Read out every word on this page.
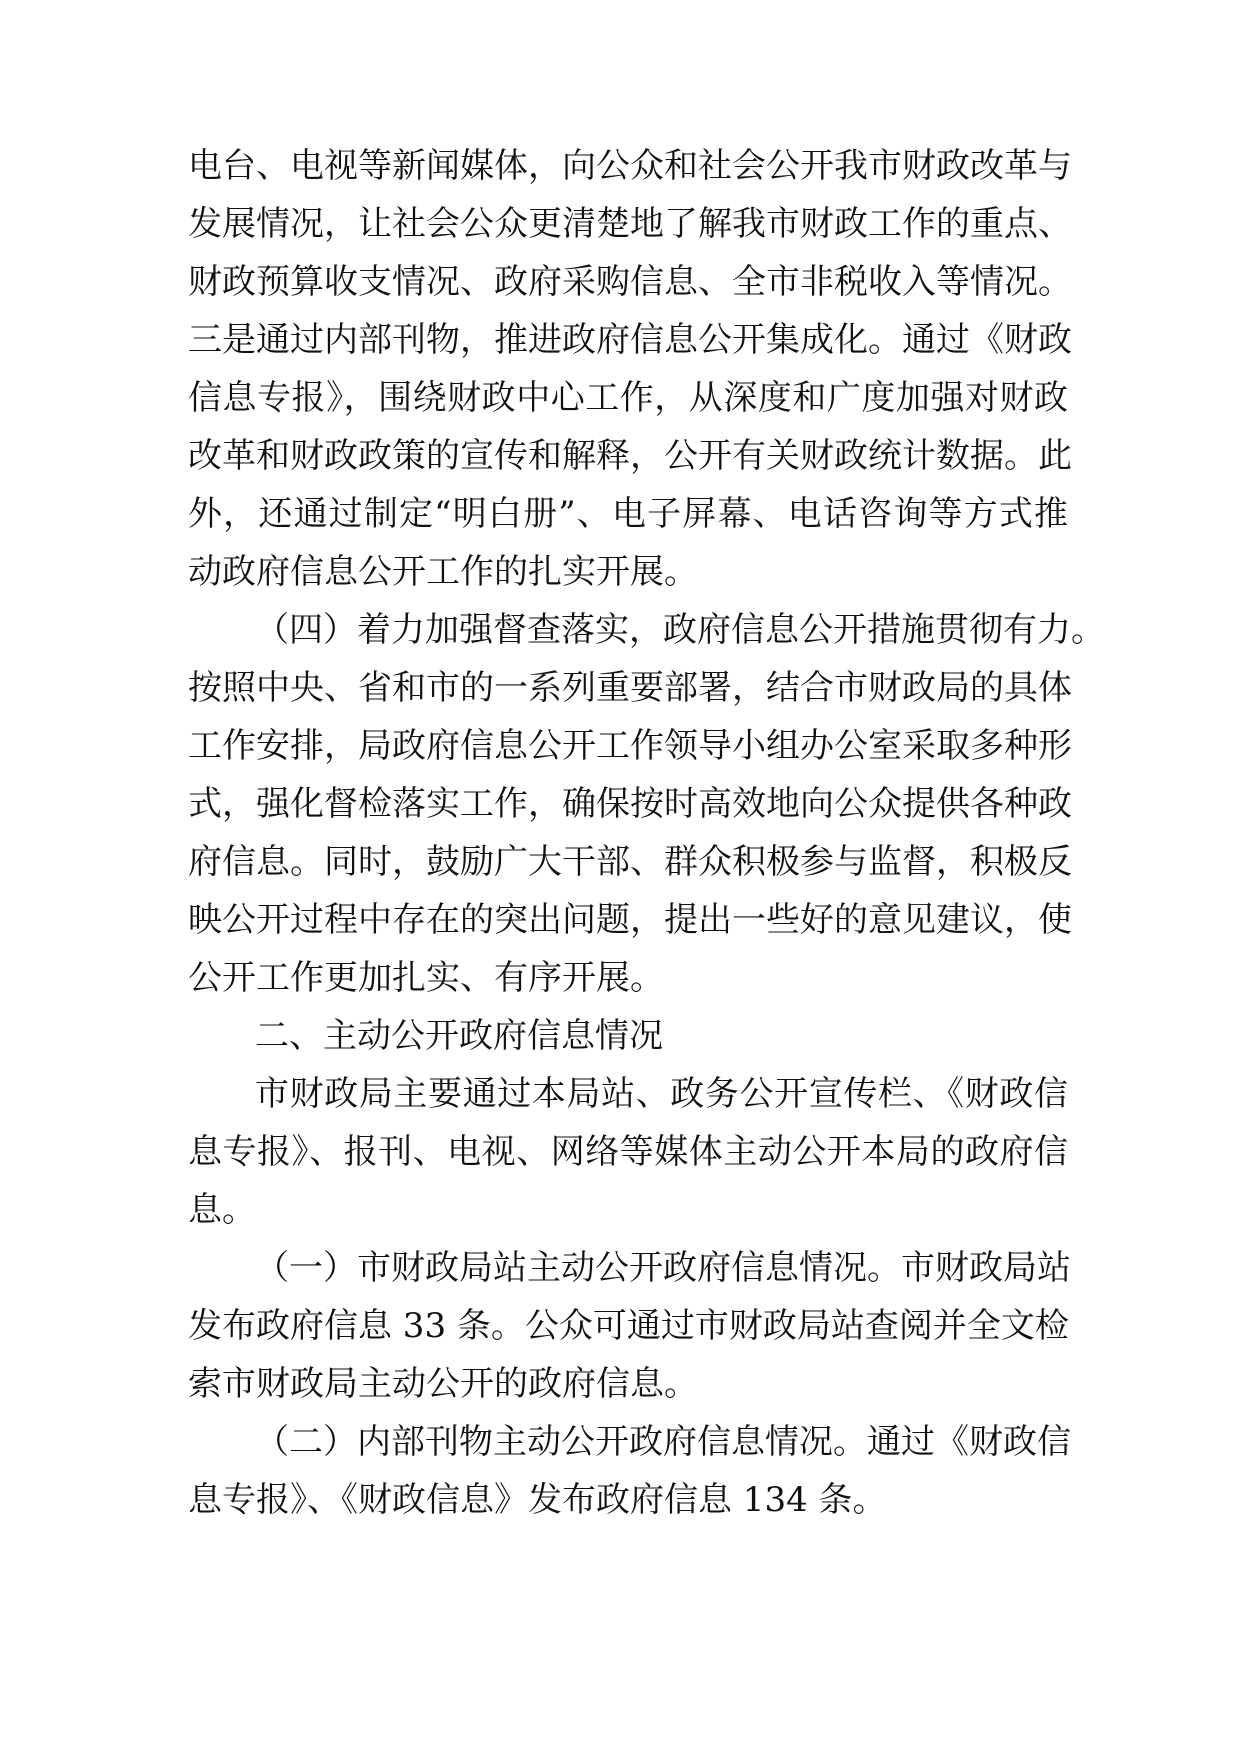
电台、电视等新闻媒体，向公众和社会公开我市财政改革与
发展情况，让社会公众更清楚地了解我市财政工作的重点、
财政预算收支情况、政府采购信息、全市非税收入等情况。
三是通过内部刊物，推进政府信息公开集成化。通过《财政
信息专报》，围绕财政中心工作，从深度和广度加强对财政
改革和财政政策的宣传和解释，公开有关财政统计数据。此
外，还通过制定“明白册”、电子屏幕、电话咨询等方式推
动政府信息公开工作的扎实开展。
（四）着力加强督查落实，政府信息公开措施贯彻有力。
按照中央、省和市的一系列重要部署，结合市财政局的具体
工作安排，局政府信息公开工作领导小组办公室采取多种形
式，强化督检落实工作，确保按时高效地向公众提供各种政
府信息。同时，鼓励广大干部、群众积极参与监督，积极反
映公开过程中存在的突出问题，提出一些好的意见建议，使
公开工作更加扎实、有序开展。
二、主动公开政府信息情况
市财政局主要通过本局站、政务公开宣传栏、《财政信
息专报》、报刊、电视、网络等媒体主动公开本局的政府信
息。
（一）市财政局站主动公开政府信息情况。市财政局站
发布政府信息 33 条。公众可通过市财政局站查阅并全文检
索市财政局主动公开的政府信息。
（二）内部刊物主动公开政府信息情况。通过《财政信
息专报》、《财政信息》发布政府信息 134 条。
